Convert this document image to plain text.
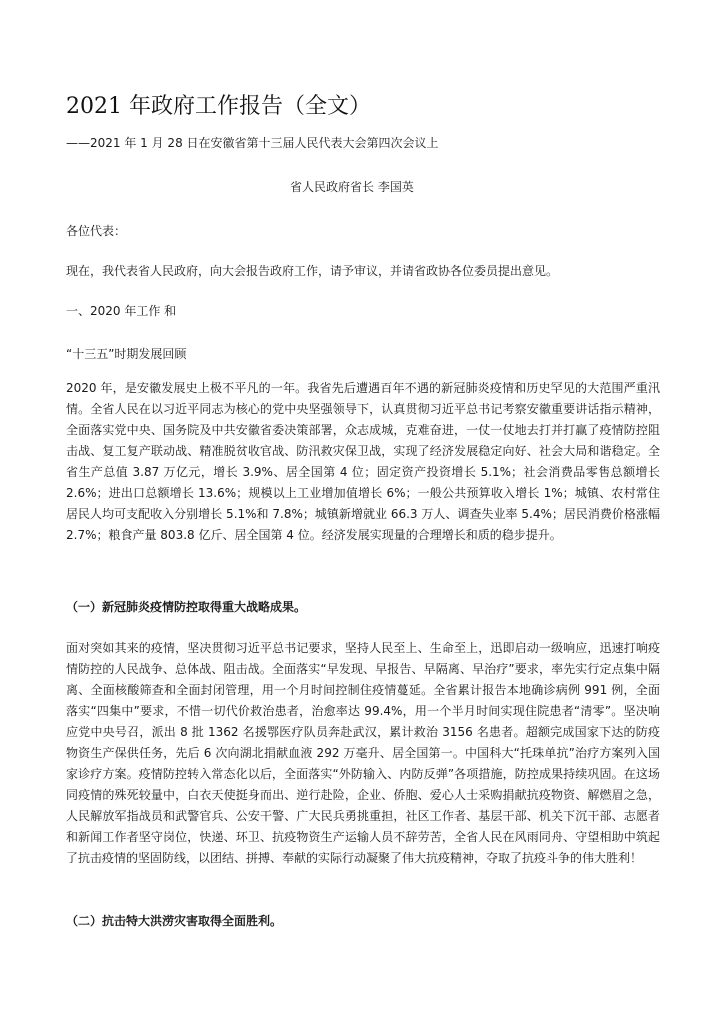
2021 年政府工作报告（全文）
——2021 年 1 月 28 日在安徽省第十三届人民代表大会第四次会议上
省人民政府省长 李国英
各位代表：
现在，我代表省人民政府，向大会报告政府工作，请予审议，并请省政协各位委员提出意见。
一、2020 年工作 和
“十三五”时期发展回顾
2020 年，是安徽发展史上极不平凡的一年。我省先后遭遇百年不遇的新冠肺炎疫情和历史罕见的大范围严重汛情。全省人民在以习近平同志为核心的党中央坚强领导下，认真贯彻习近平总书记考察安徽重要讲话指示精神，全面落实党中央、国务院及中共安徽省委决策部署，众志成城，克难奋进，一仗一仗地去打并打赢了疫情防控阻击战、复工复产联动战、精准脱贫收官战、防汛救灾保卫战，实现了经济发展稳定向好、社会大局和谐稳定。全省生产总值 3.87 万亿元，增长 3.9%、居全国第 4 位；固定资产投资增长 5.1%；社会消费品零售总额增长 2.6%；进出口总额增长 13.6%；规模以上工业增加值增长 6%；一般公共预算收入增长 1%；城镇、农村常住居民人均可支配收入分别增长 5.1%和 7.8%；城镇新增就业 66.3 万人、调查失业率 5.4%；居民消费价格涨幅 2.7%；粮食产量 803.8 亿斤、居全国第 4 位。经济发展实现量的合理增长和质的稳步提升。
（一）新冠肺炎疫情防控取得重大战略成果。
面对突如其来的疫情，坚决贯彻习近平总书记要求，坚持人民至上、生命至上，迅即启动一级响应，迅速打响疫情防控的人民战争、总体战、阻击战。全面落实“早发现、早报告、早隔离、早治疗”要求，率先实行定点集中隔离、全面核酸筛查和全面封闭管理，用一个月时间控制住疫情蔓延。全省累计报告本地确诊病例 991 例，全面落实“四集中”要求，不惜一切代价救治患者，治愈率达 99.4%，用一个半月时间实现住院患者“清零”。坚决响应党中央号召，派出 8 批 1362 名援鄂医疗队员奔赴武汉，累计救治 3156 名患者。超额完成国家下达的防疫物资生产保供任务，先后 6 次向湖北捐献血液 292 万毫升、居全国第一。中国科大“托珠单抗”治疗方案列入国家诊疗方案。疫情防控转入常态化以后，全面落实“外防输入、内防反弹”各项措施，防控成果持续巩固。在这场同疫情的殊死较量中，白衣天使挺身而出、逆行赴险，企业、侨胞、爱心人士采购捐献抗疫物资、解燃眉之急，人民解放军指战员和武警官兵、公安干警、广大民兵勇挑重担，社区工作者、基层干部、机关下沉干部、志愿者和新闻工作者坚守岗位，快递、环卫、抗疫物资生产运输人员不辞劳苦，全省人民在风雨同舟、守望相助中筑起了抗击疫情的坚固防线，以团结、拼搏、奉献的实际行动凝聚了伟大抗疫精神，夺取了抗疫斗争的伟大胜利！
（二）抗击特大洪涝灾害取得全面胜利。
